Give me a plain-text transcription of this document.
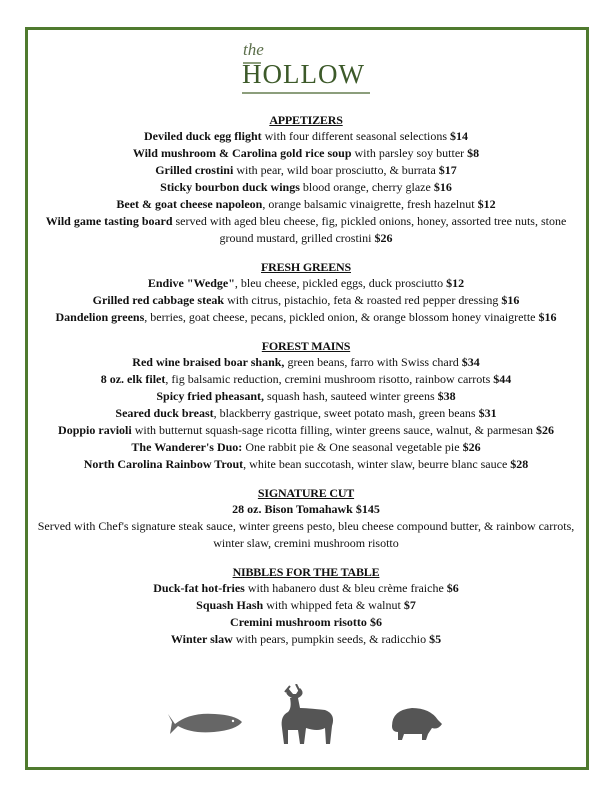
the
HOLLOW
APPETIZERS
Deviled duck egg flight with four different seasonal selections $14
Wild mushroom & Carolina gold rice soup with parsley soy butter $8
Grilled crostini with pear, wild boar prosciutto, & burrata $17
Sticky bourbon duck wings blood orange, cherry glaze $16
Beet & goat cheese napoleon, orange balsamic vinaigrette, fresh hazelnut $12
Wild game tasting board served with aged bleu cheese, fig, pickled onions, honey, assorted tree nuts, stone ground mustard, grilled crostini $26
FRESH GREENS
Endive "Wedge", bleu cheese, pickled eggs, duck prosciutto $12
Grilled red cabbage steak with citrus, pistachio, feta & roasted red pepper dressing $16
Dandelion greens, berries, goat cheese, pecans, pickled onion, & orange blossom honey vinaigrette $16
FOREST MAINS
Red wine braised boar shank, green beans, farro with Swiss chard $34
8 oz. elk filet, fig balsamic reduction, cremini mushroom risotto, rainbow carrots $44
Spicy fried pheasant, squash hash, sauteed winter greens $38
Seared duck breast, blackberry gastrique, sweet potato mash, green beans $31
Doppio ravioli with butternut squash-sage ricotta filling, winter greens sauce, walnut, & parmesan $26
The Wanderer's Duo: One rabbit pie & One seasonal vegetable pie $26
North Carolina Rainbow Trout, white bean succotash, winter slaw, beurre blanc sauce $28
SIGNATURE CUT
28 oz. Bison Tomahawk $145
Served with Chef's signature steak sauce, winter greens pesto, bleu cheese compound butter, & rainbow carrots, winter slaw, cremini mushroom risotto
NIBBLES FOR THE TABLE
Duck-fat hot-fries with habanero dust & bleu crème fraiche $6
Squash Hash with whipped feta & walnut $7
Cremini mushroom risotto $6
Winter slaw with pears, pumpkin seeds, & radicchio $5
